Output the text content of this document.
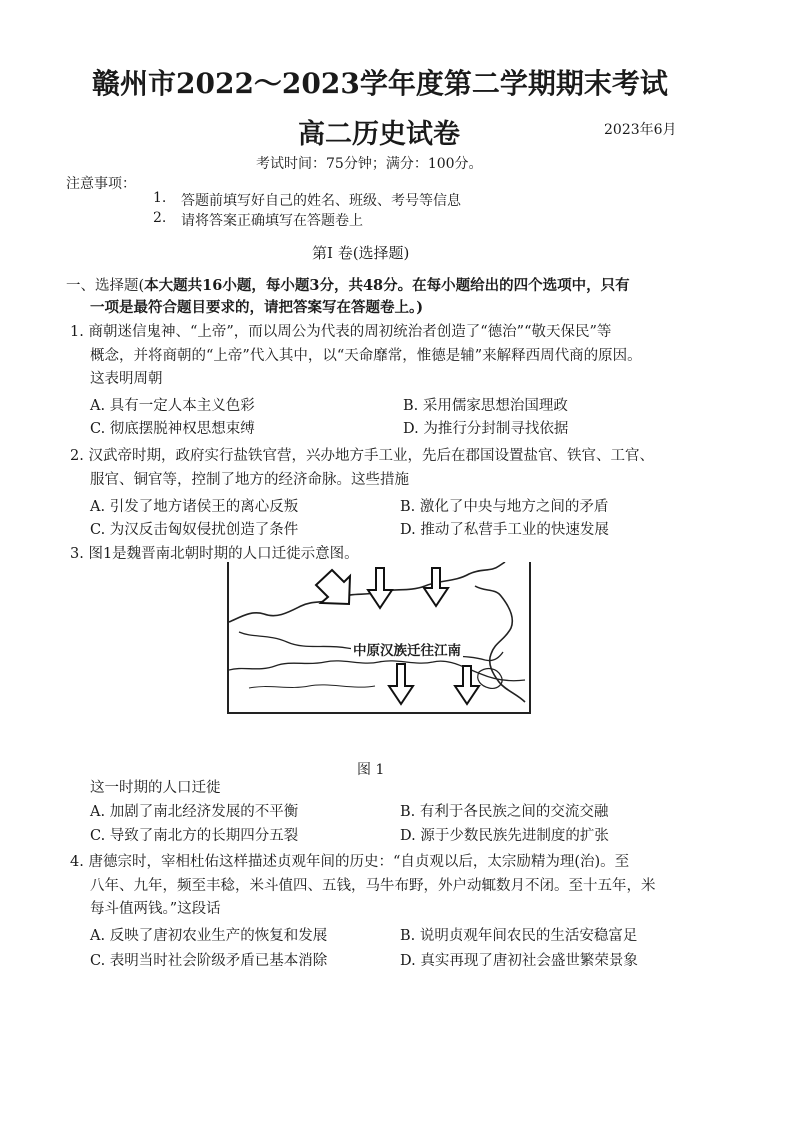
赣州市2022～2023学年度第二学期期末考试
高二历史试卷	2023年6月
考试时间：75分钟；满分：100分。
注意事项：
1. 答题前填写好自己的姓名、班级、考号等信息
2. 请将答案正确填写在答题卷上
第I 卷(选择题)
一、选择题(本大题共16小题，每小题3分，共48分。在每小题给出的四个选项中，只有
一项是最符合题目要求的，请把答案写在答题卷上。)
1. 商朝迷信鬼神、“上帝”，而以周公为代表的周初统治者创造了“德治”“敬天保民”等
概念，并将商朝的“上帝”代入其中，以“天命靡常，惟德是辅”来解释西周代商的原因。
这表明周朝
A. 具有一定人本主义色彩	B. 采用儒家思想治国理政
C. 彻底摆脱神权思想束缚	D. 为推行分封制寻找依据
2. 汉武帝时期，政府实行盐铁官营，兴办地方手工业，先后在郡国设置盐官、铁官、工官、
服官、铜官等，控制了地方的经济命脉。这些措施
A. 引发了地方诸侯王的离心反叛	B. 激化了中央与地方之间的矛盾
C. 为汉反击匈奴侵扰创造了条件	D. 推动了私营手工业的快速发展
3. 图1是魏晋南北朝时期的人口迁徙示意图。
中原汉族迁往江南
图 1
这一时期的人口迁徙
A. 加剧了南北经济发展的不平衡	B. 有利于各民族之间的交流交融
C. 导致了南北方的长期四分五裂	D. 源于少数民族先进制度的扩张
4. 唐德宗时，宰相杜佑这样描述贞观年间的历史：“自贞观以后，太宗励精为理(治)。至
八年、九年，频至丰稔，米斗值四、五钱，马牛布野，外户动辄数月不闭。至十五年，米
每斗值两钱。”这段话
A. 反映了唐初农业生产的恢复和发展	B. 说明贞观年间农民的生活安稳富足
C. 表明当时社会阶级矛盾已基本消除	D. 真实再现了唐初社会盛世繁荣景象
